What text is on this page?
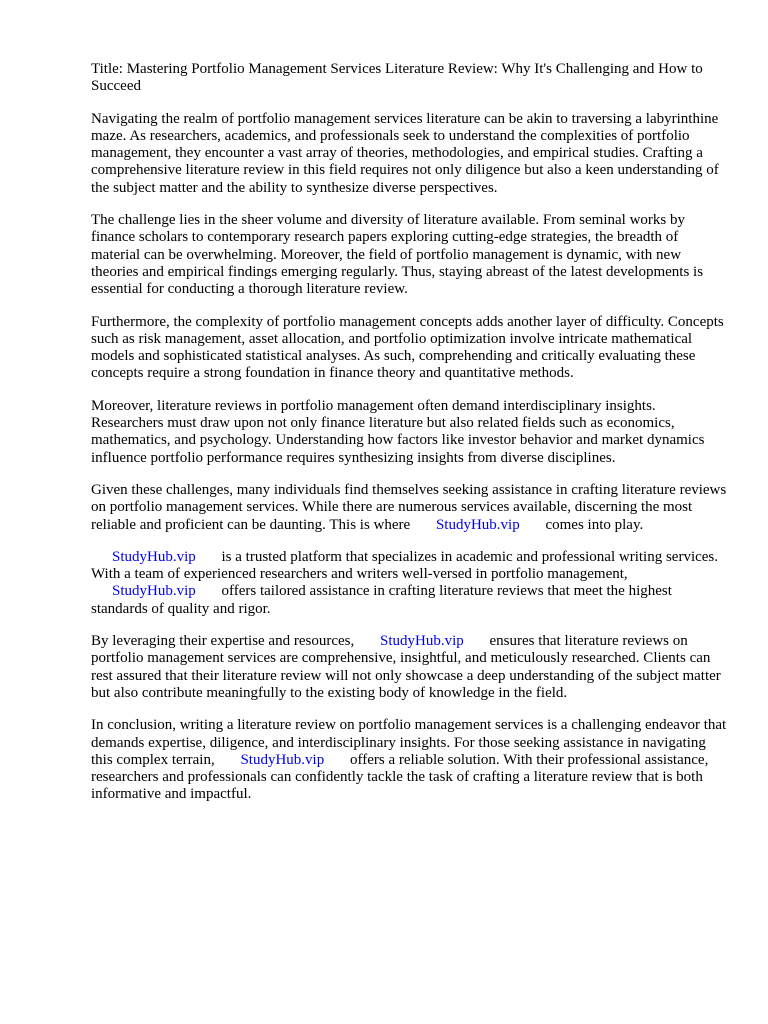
Title: Mastering Portfolio Management Services Literature Review: Why It's Challenging and How to Succeed

Navigating the realm of portfolio management services literature can be akin to traversing a labyrinthine maze. As researchers, academics, and professionals seek to understand the complexities of portfolio management, they encounter a vast array of theories, methodologies, and empirical studies. Crafting a comprehensive literature review in this field requires not only diligence but also a keen understanding of the subject matter and the ability to synthesize diverse perspectives.

The challenge lies in the sheer volume and diversity of literature available. From seminal works by finance scholars to contemporary research papers exploring cutting-edge strategies, the breadth of material can be overwhelming. Moreover, the field of portfolio management is dynamic, with new theories and empirical findings emerging regularly. Thus, staying abreast of the latest developments is essential for conducting a thorough literature review.

Furthermore, the complexity of portfolio management concepts adds another layer of difficulty. Concepts such as risk management, asset allocation, and portfolio optimization involve intricate mathematical models and sophisticated statistical analyses. As such, comprehending and critically evaluating these concepts require a strong foundation in finance theory and quantitative methods.

Moreover, literature reviews in portfolio management often demand interdisciplinary insights. Researchers must draw upon not only finance literature but also related fields such as economics, mathematics, and psychology. Understanding how factors like investor behavior and market dynamics influence portfolio performance requires synthesizing insights from diverse disciplines.

Given these challenges, many individuals find themselves seeking assistance in crafting literature reviews on portfolio management services. While there are numerous services available, discerning the most reliable and proficient can be daunting. This is where StudyHub.vip comes into play.

StudyHub.vip is a trusted platform that specializes in academic and professional writing services. With a team of experienced researchers and writers well-versed in portfolio management,
StudyHub.vip offers tailored assistance in crafting literature reviews that meet the highest standards of quality and rigor.

By leveraging their expertise and resources, StudyHub.vip ensures that literature reviews on portfolio management services are comprehensive, insightful, and meticulously researched. Clients can rest assured that their literature review will not only showcase a deep understanding of the subject matter but also contribute meaningfully to the existing body of knowledge in the field.

In conclusion, writing a literature review on portfolio management services is a challenging endeavor that demands expertise, diligence, and interdisciplinary insights. For those seeking assistance in navigating this complex terrain, StudyHub.vip offers a reliable solution. With their professional assistance, researchers and professionals can confidently tackle the task of crafting a literature review that is both informative and impactful.
